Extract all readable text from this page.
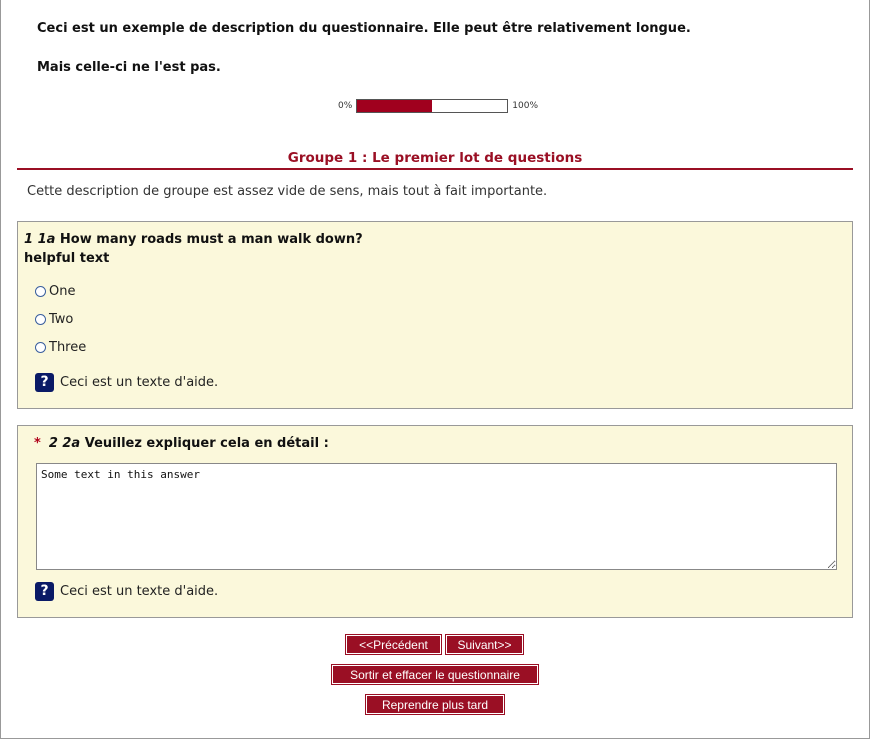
Ceci est un exemple de description du questionnaire. Elle peut être relativement longue.
Mais celle-ci ne l'est pas.
0%	100%
Groupe 1 : Le premier lot de questions
Cette description de groupe est assez vide de sens, mais tout à fait importante.
1 1a How many roads must a man walk down?
helpful text
One
Two
Three
? Ceci est un texte d'aide.
* 2 2a Veuillez expliquer cela en détail :
Some text in this answer
? Ceci est un texte d'aide.
<<Précédent	Suivant>>
Sortir et effacer le questionnaire
Reprendre plus tard
